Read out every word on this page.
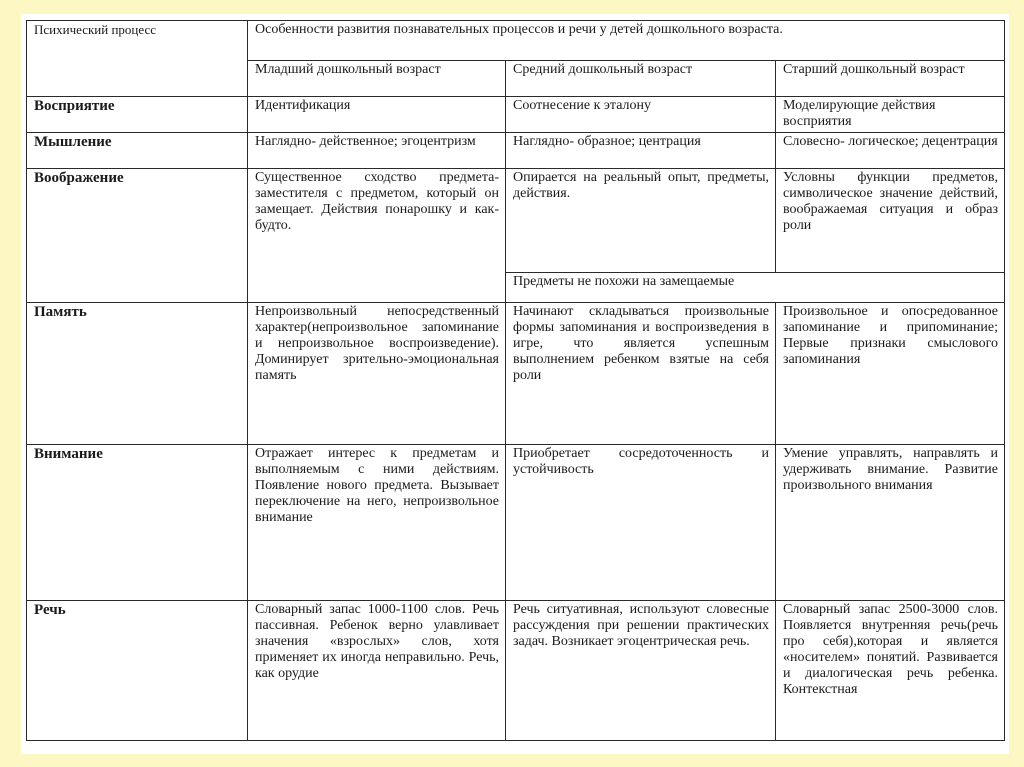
Психический процесс	Особенности развития познавательных процессов и речи у детей дошкольного возраста.		
	Младший дошкольный возраст	Средний дошкольный возраст	Старший дошкольный возраст
Восприятие	Идентификация	Соотнесение к эталону	Моделирующие действия восприятия
Мышление	Наглядно- действенное; эгоцентризм	Наглядно- образное; центрация	Словесно- логическое; децентрация
Воображение	Существенное сходство предмета- заместителя с предметом, который он замещает. Действия понарошку и как- будто.	Опирается на реальный опыт, предметы, действия.	Условны функции предметов, символическое значение действий, воображаемая ситуация и образ роли
		Предметы не похожи на замещаемые	
Память	Непроизвольный непосредственный характер(непроизвольное запоминание и непроизвольное воспроизведение). Доминирует зрительно-эмоциональная память	Начинают складываться произвольные формы запоминания и воспроизведения в игре, что является успешным выполнением ребенком взятые на себя роли	Произвольное и опосредованное запоминание и припоминание; Первые признаки смыслового запоминания
Внимание	Отражает интерес к предметам и выполняемым с ними действиям. Появление нового предмета. Вызывает переключение на него, непроизвольное внимание	Приобретает сосредоточенность и устойчивость	Умение управлять, направлять и удерживать внимание. Развитие произвольного внимания
Речь	Словарный запас 1000-1100 слов. Речь пассивная. Ребенок верно улавливает значения «взрослых» слов, хотя применяет их иногда неправильно. Речь, как орудие	Речь ситуативная, используют словесные рассуждения при решении практических задач. Возникает эгоцентрическая речь.	Словарный запас 2500-3000 слов. Появляется внутренняя речь(речь про себя),которая и является «носителем» понятий. Развивается и диалогическая речь ребенка. Контекстная
